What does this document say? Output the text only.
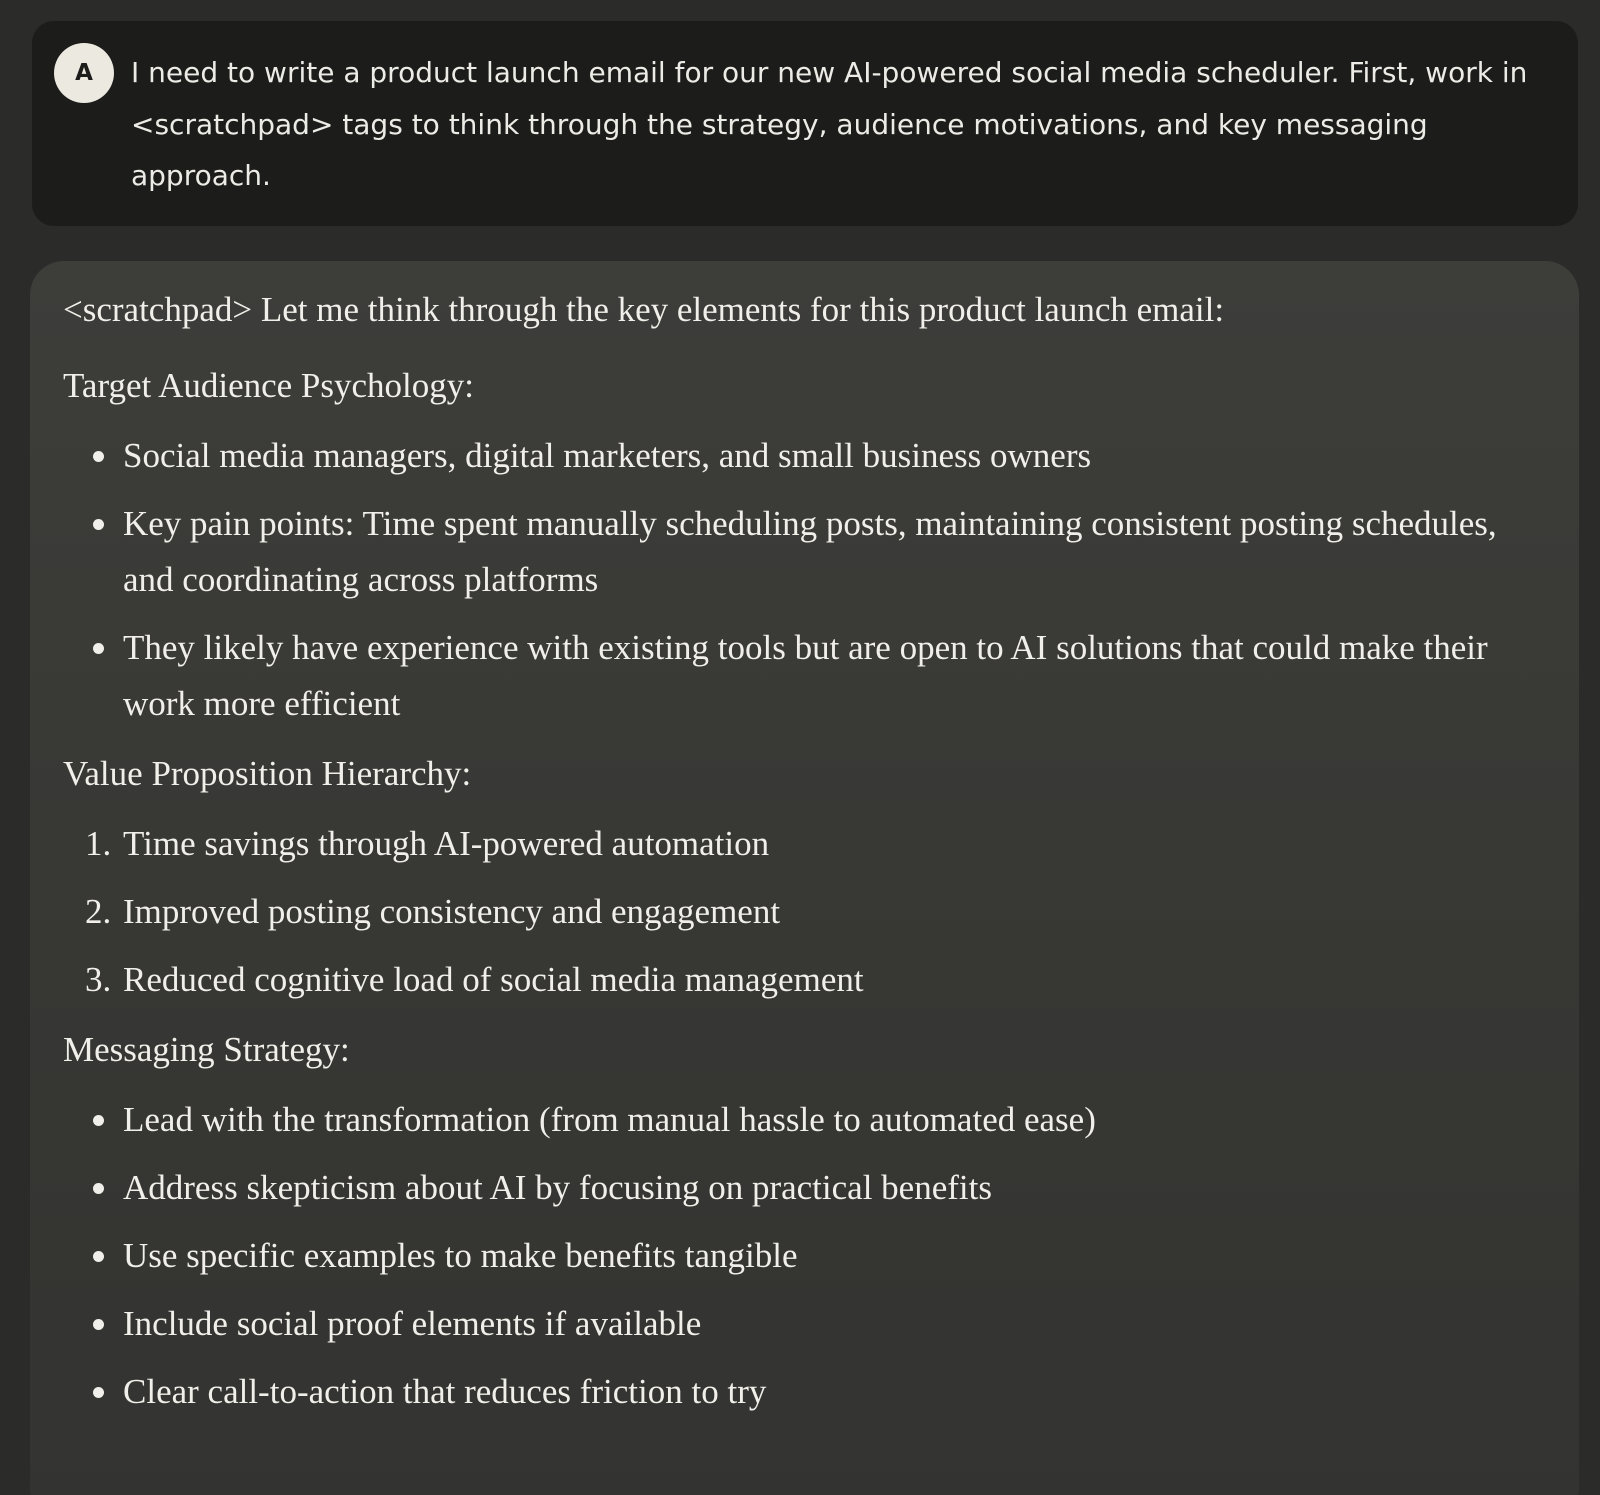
A	I need to write a product launch email for our new AI-powered social media scheduler. First, work in <scratchpad> tags to think through the strategy, audience motivations, and key messaging approach.

<scratchpad> Let me think through the key elements for this product launch email:

Target Audience Psychology:

Social media managers, digital marketers, and small business owners
Key pain points: Time spent manually scheduling posts, maintaining consistent posting schedules, and coordinating across platforms
They likely have experience with existing tools but are open to AI solutions that could make their work more efficient

Value Proposition Hierarchy:

1. Time savings through AI-powered automation
2. Improved posting consistency and engagement
3. Reduced cognitive load of social media management

Messaging Strategy:

Lead with the transformation (from manual hassle to automated ease)
Address skepticism about AI by focusing on practical benefits
Use specific examples to make benefits tangible
Include social proof elements if available
Clear call-to-action that reduces friction to try
